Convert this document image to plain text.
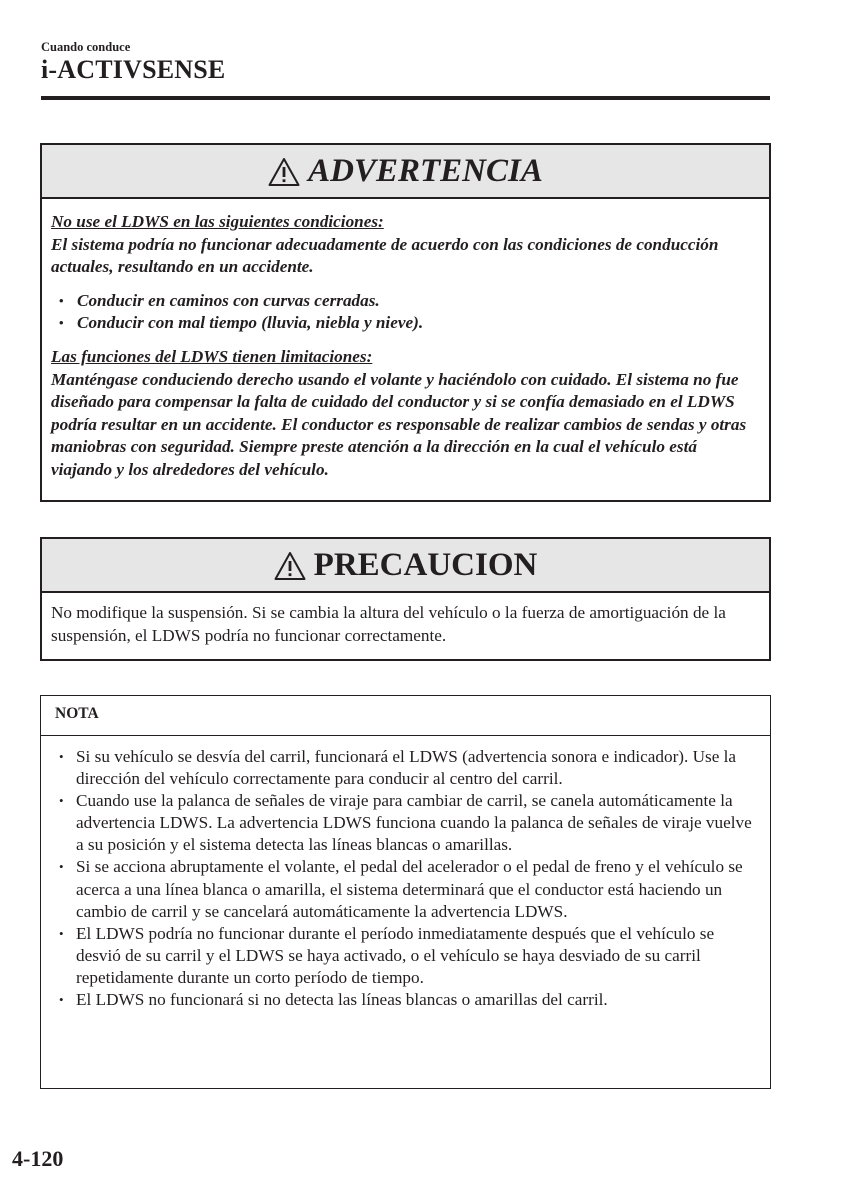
Cuando conduce
i-ACTIVSENSE
ADVERTENCIA

No use el LDWS en las siguientes condiciones:

El sistema podría no funcionar adecuadamente de acuerdo con las condiciones de conducción actuales, resultando en un accidente.

• Conducir en caminos con curvas cerradas.
• Conducir con mal tiempo (lluvia, niebla y nieve).

Las funciones del LDWS tienen limitaciones:

Manténgase conduciendo derecho usando el volante y haciéndolo con cuidado. El sistema no fue diseñado para compensar la falta de cuidado del conductor y si se confía demasiado en el LDWS podría resultar en un accidente. El conductor es responsable de realizar cambios de sendas y otras maniobras con seguridad. Siempre preste atención a la dirección en la cual el vehículo está viajando y los alrededores del vehículo.

PRECAUCION

No modifique la suspensión. Si se cambia la altura del vehículo o la fuerza de amortiguación de la suspensión, el LDWS podría no funcionar correctamente.

NOTA
• Si su vehículo se desvía del carril, funcionará el LDWS (advertencia sonora e indicador). Use la dirección del vehículo correctamente para conducir al centro del carril.
• Cuando use la palanca de señales de viraje para cambiar de carril, se canela automáticamente la advertencia LDWS. La advertencia LDWS funciona cuando la palanca de señales de viraje vuelve a su posición y el sistema detecta las líneas blancas o amarillas.
• Si se acciona abruptamente el volante, el pedal del acelerador o el pedal de freno y el vehículo se acerca a una línea blanca o amarilla, el sistema determinará que el conductor está haciendo un cambio de carril y se cancelará automáticamente la advertencia LDWS.
• El LDWS podría no funcionar durante el período inmediatamente después que el vehículo se desvió de su carril y el LDWS se haya activado, o el vehículo se haya desviado de su carril repetidamente durante un corto período de tiempo.
• El LDWS no funcionará si no detecta las líneas blancas o amarillas del carril.
4-120
